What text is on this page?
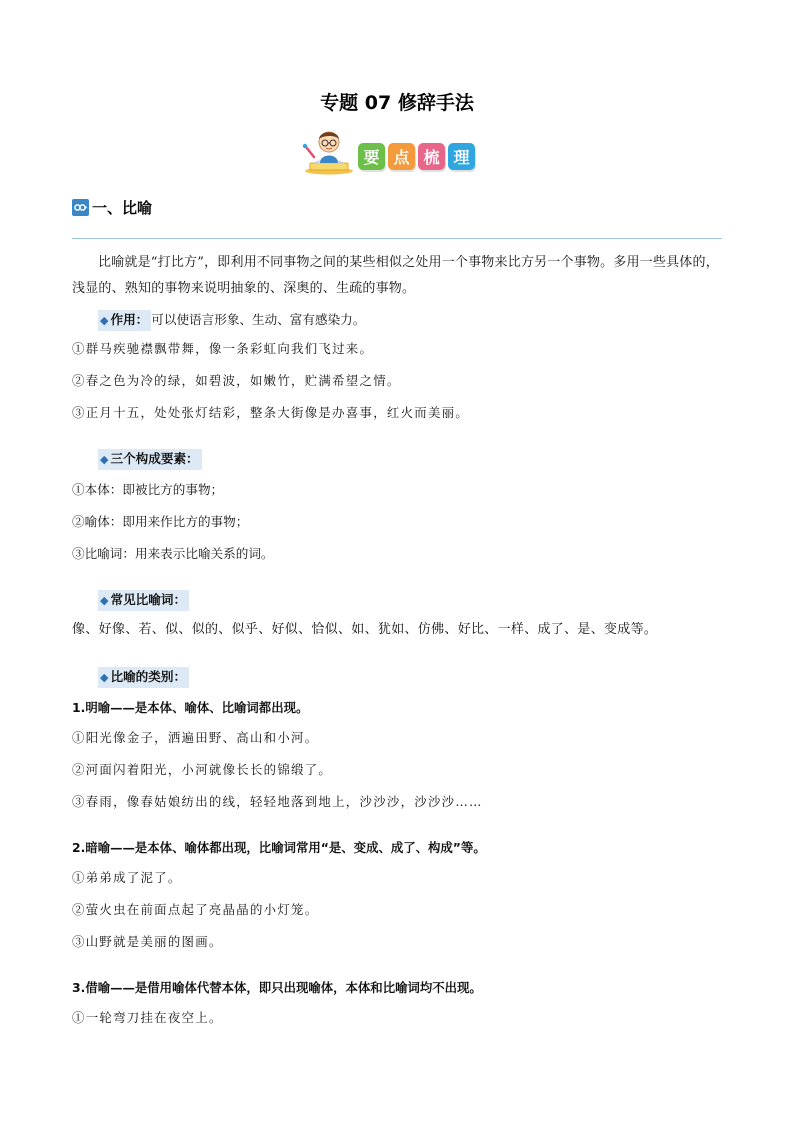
专题 07 修辞手法
要 点 梳 理
一、比喻

比喻就是“打比方”，即利用不同事物之间的某些相似之处用一个事物来比方另一个事物。多用一些具体的，浅显的、熟知的事物来说明抽象的、深奥的、生疏的事物。

◆ 作用： 可以使语言形象、生动、富有感染力。

①群马疾驰襟飘带舞，像一条彩虹向我们飞过来。

②春之色为冷的绿，如碧波，如嫩竹，贮满希望之情。

③正月十五，处处张灯结彩，整条大街像是办喜事，红火而美丽。

◆ 三个构成要素：

①本体：即被比方的事物；

②喻体：即用来作比方的事物；

③比喻词：用来表示比喻关系的词。

◆ 常见比喻词：

像、好像、若、似、似的、似乎、好似、恰似、如、犹如、仿佛、好比、一样、成了、是、变成等。

◆ 比喻的类别：

1.明喻——是本体、喻体、比喻词都出现。

①阳光像金子，洒遍田野、高山和小河。

②河面闪着阳光，小河就像长长的锦缎了。

③春雨，像春姑娘纺出的线，轻轻地落到地上，沙沙沙，沙沙沙……

2.暗喻——是本体、喻体都出现，比喻词常用“是、变成、成了、构成”等。

①弟弟成了泥了。

②萤火虫在前面点起了亮晶晶的小灯笼。

③山野就是美丽的图画。

3.借喻——是借用喻体代替本体，即只出现喻体，本体和比喻词均不出现。

①一轮弯刀挂在夜空上。
